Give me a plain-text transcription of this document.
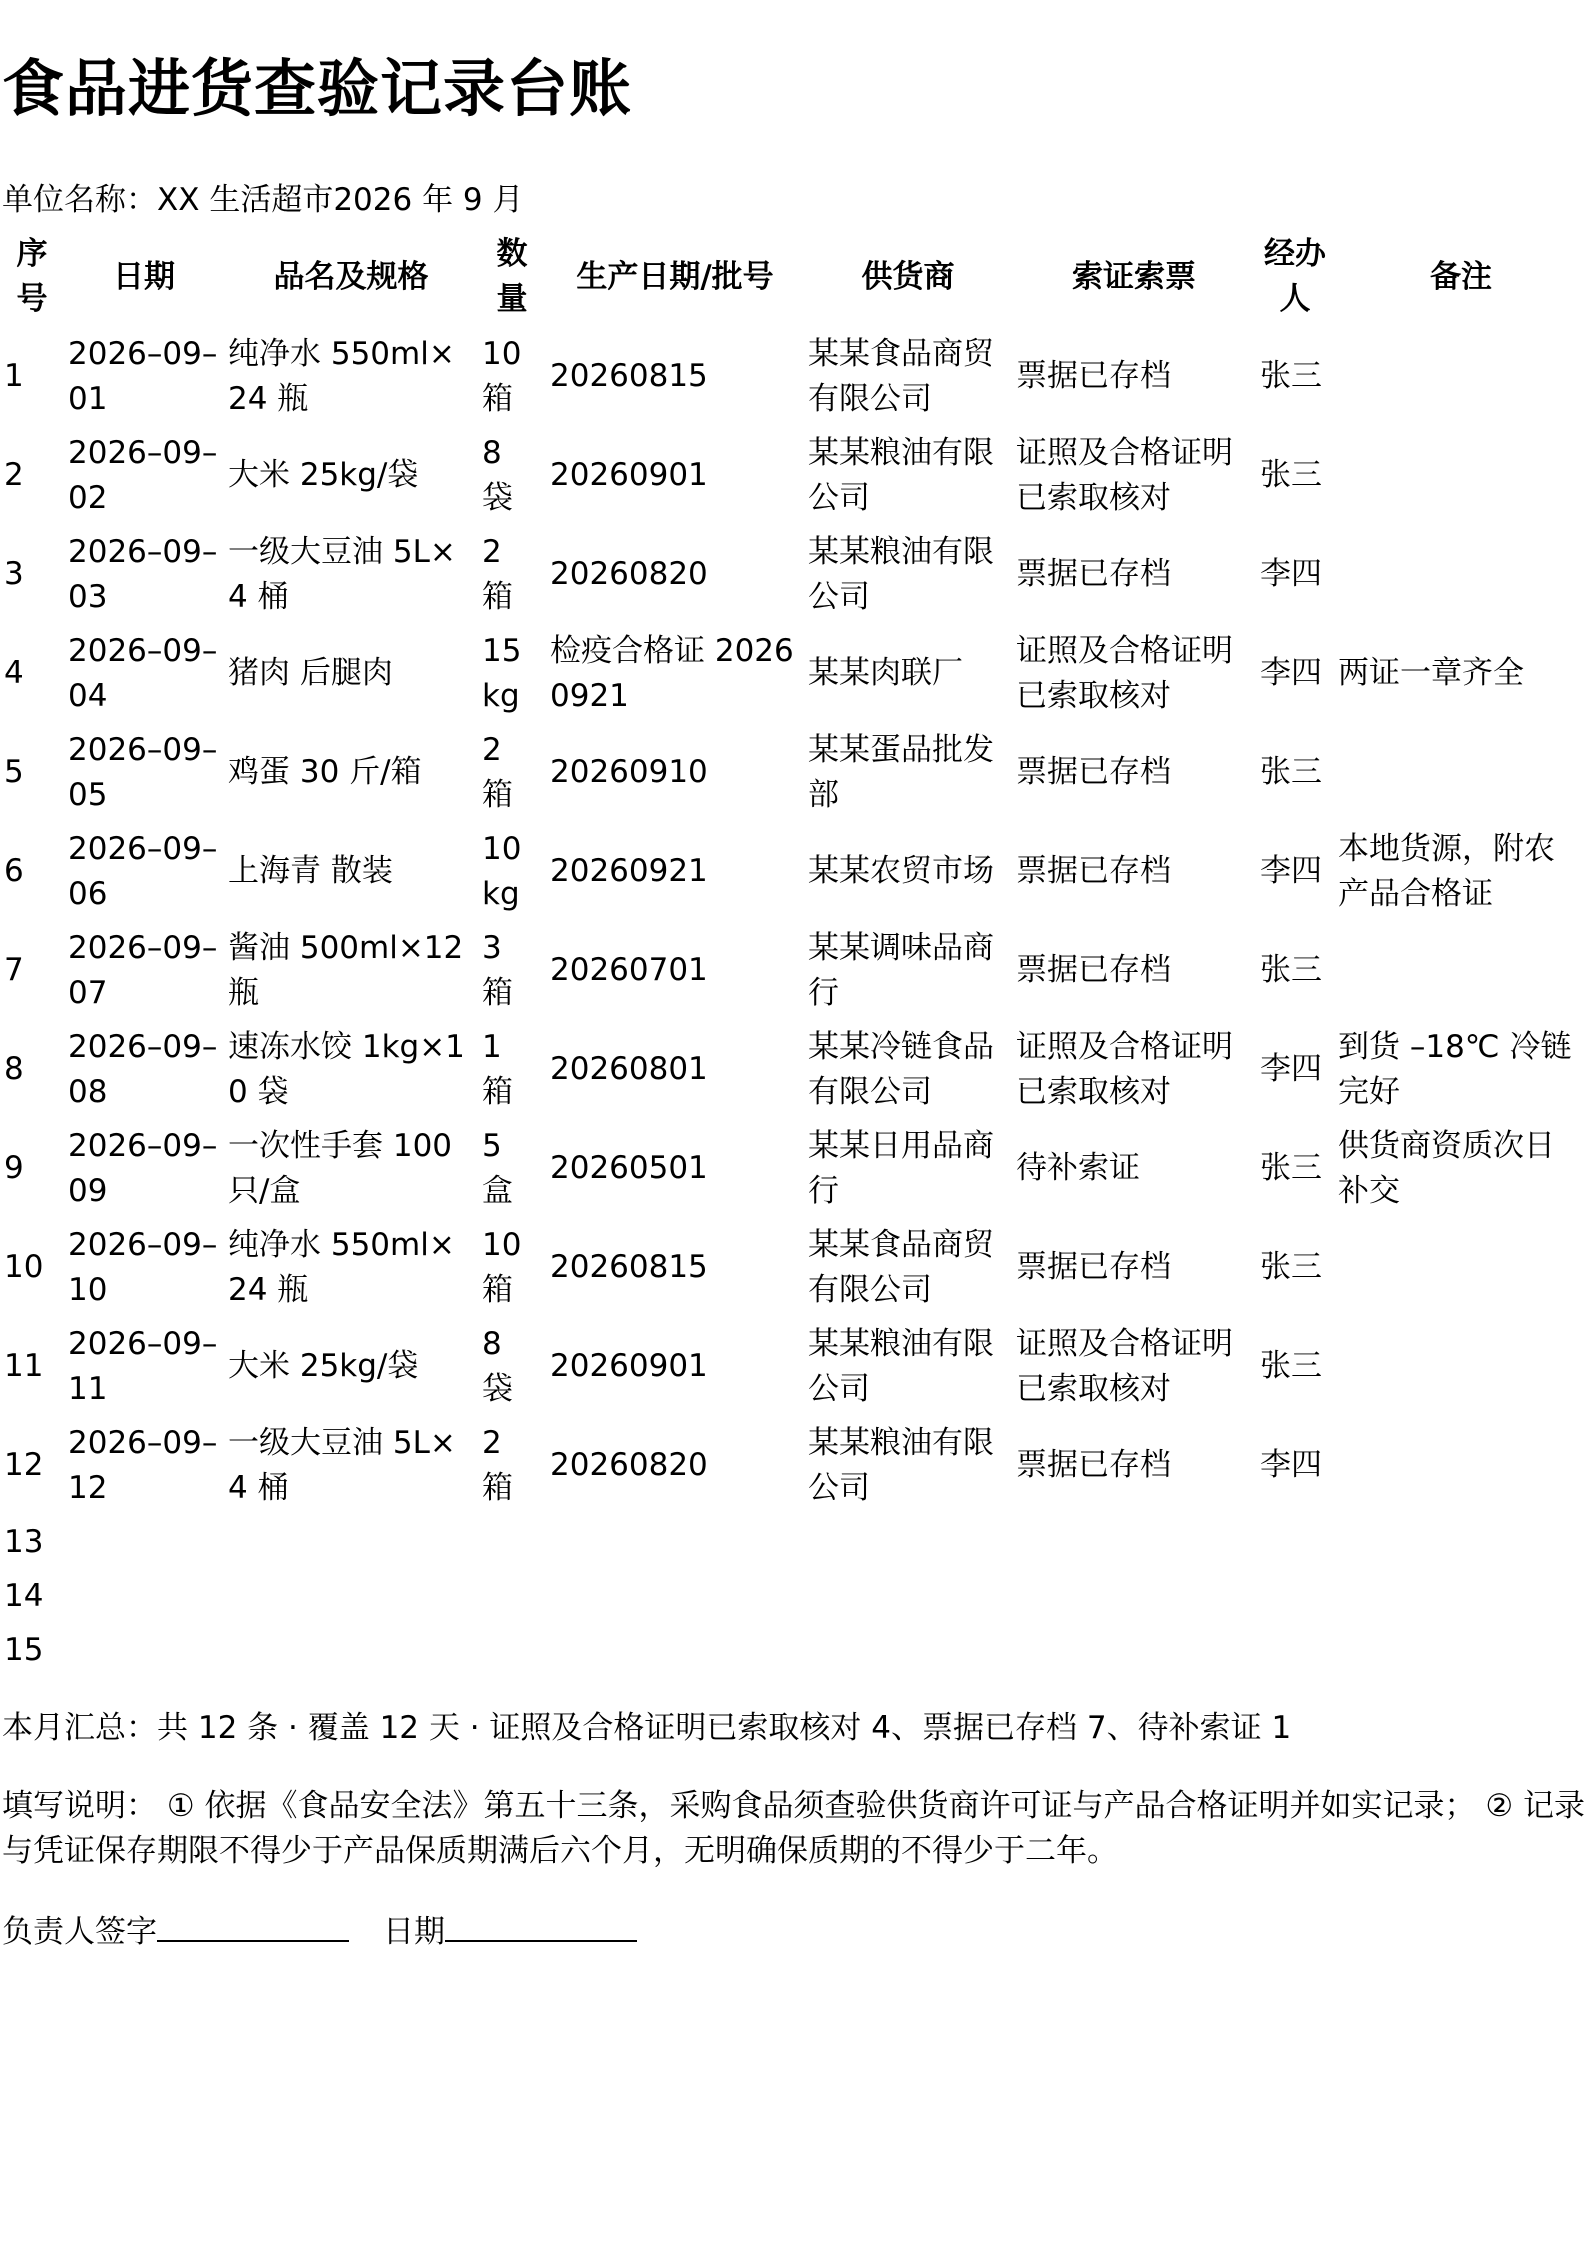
食品进货查验记录台账
单位名称：XX 生活超市2026 年 9 月
序号	日期	品名及规格	数量	生产日期/批号	供货商	索证索票	经办人	备注
1	2026–09–01	纯净水 550ml×24 瓶	10 箱	20260815	某某食品商贸有限公司	票据已存档	张三	
2	2026–09–02	大米 25kg/袋	8 袋	20260901	某某粮油有限公司	证照及合格证明已索取核对	张三	
3	2026–09–03	一级大豆油 5L×4 桶	2 箱	20260820	某某粮油有限公司	票据已存档	李四	
4	2026–09–04	猪肉 后腿肉	15 kg	检疫合格证 20260921	某某肉联厂	证照及合格证明已索取核对	李四	两证一章齐全
5	2026–09–05	鸡蛋 30 斤/箱	2 箱	20260910	某某蛋品批发部	票据已存档	张三	
6	2026–09–06	上海青 散装	10 kg	20260921	某某农贸市场	票据已存档	李四	本地货源，附农产品合格证
7	2026–09–07	酱油 500ml×12 瓶	3 箱	20260701	某某调味品商行	票据已存档	张三	
8	2026–09–08	速冻水饺 1kg×10 袋	1 箱	20260801	某某冷链食品有限公司	证照及合格证明已索取核对	李四	到货 –18℃ 冷链完好
9	2026–09–09	一次性手套 100 只/盒	5 盒	20260501	某某日用品商行	待补索证	张三	供货商资质次日补交
10	2026–09–10	纯净水 550ml×24 瓶	10 箱	20260815	某某食品商贸有限公司	票据已存档	张三	
11	2026–09–11	大米 25kg/袋	8 袋	20260901	某某粮油有限公司	证照及合格证明已索取核对	张三	
12	2026–09–12	一级大豆油 5L×4 桶	2 箱	20260820	某某粮油有限公司	票据已存档	李四	
13								
14								
15								
本月汇总：共 12 条 · 覆盖 12 天 · 证照及合格证明已索取核对 4、票据已存档 7、待补索证 1
填写说明： ① 依据《食品安全法》第五十三条，采购食品须查验供货商许可证与产品合格证明并如实记录； ② 记录与凭证保存期限不得少于产品保质期满后六个月，无明确保质期的不得少于二年。
负责人签字	日期
